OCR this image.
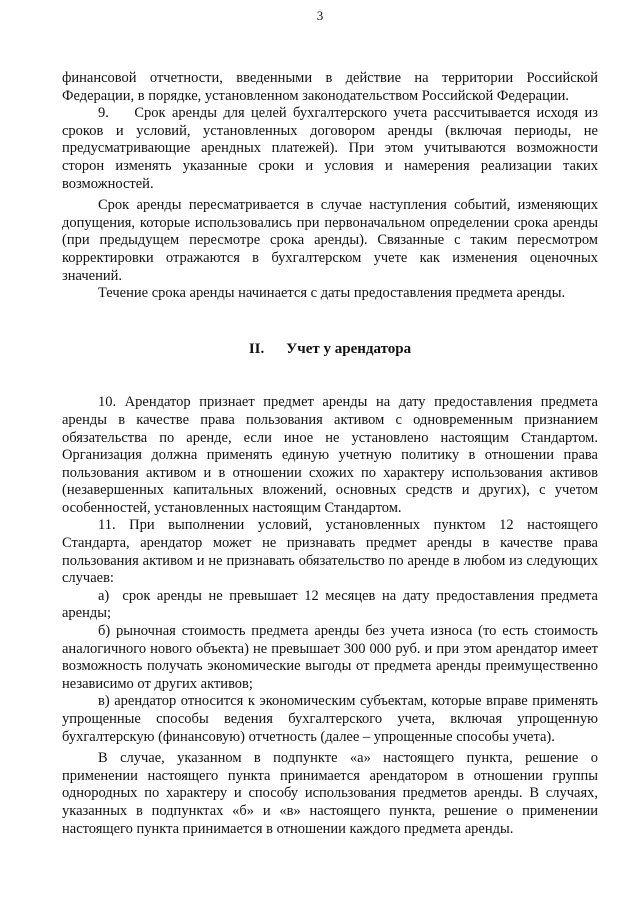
3

финансовой отчетности, введенными в действие на территории Российской Федерации, в порядке, установленном законодательством Российской Федерации.

9.    Срок аренды для целей бухгалтерского учета рассчитывается исходя из сроков и условий, установленных договором аренды (включая периоды, не предусматривающие арендных платежей). При этом учитываются возможности сторон изменять указанные сроки и условия и намерения реализации таких возможностей.

Срок аренды пересматривается в случае наступления событий, изменяющих допущения, которые использовались при первоначальном определении срока аренды (при предыдущем пересмотре срока аренды). Связанные с таким пересмотром корректировки отражаются в бухгалтерском учете как изменения оценочных значений.

Течение срока аренды начинается с даты предоставления предмета аренды.

II. Учет у арендатора

10. Арендатор признает предмет аренды на дату предоставления предмета аренды в качестве права пользования активом с одновременным признанием обязательства по аренде, если иное не установлено настоящим Стандартом. Организация должна применять единую учетную политику в отношении права пользования активом и в отношении схожих по характеру использования активов (незавершенных капитальных вложений, основных средств и других), с учетом особенностей, установленных настоящим Стандартом.

11. При выполнении условий, установленных пунктом 12 настоящего Стандарта, арендатор может не признавать предмет аренды в качестве права пользования активом и не признавать обязательство по аренде в любом из следующих случаев:

а)  срок аренды не превышает 12 месяцев на дату предоставления предмета аренды;

б) рыночная стоимость предмета аренды без учета износа (то есть стоимость аналогичного нового объекта) не превышает 300 000 руб. и при этом арендатор имеет возможность получать экономические выгоды от предмета аренды преимущественно независимо от других активов;

в) арендатор относится к экономическим субъектам, которые вправе применять упрощенные способы ведения бухгалтерского учета, включая упрощенную бухгалтерскую (финансовую) отчетность (далее – упрощенные способы учета).

В случае, указанном в подпункте «а» настоящего пункта, решение о применении настоящего пункта принимается арендатором в отношении группы однородных по характеру и способу использования предметов аренды. В случаях, указанных в подпунктах «б» и «в» настоящего пункта, решение о применении настоящего пункта принимается в отношении каждого предмета аренды.
